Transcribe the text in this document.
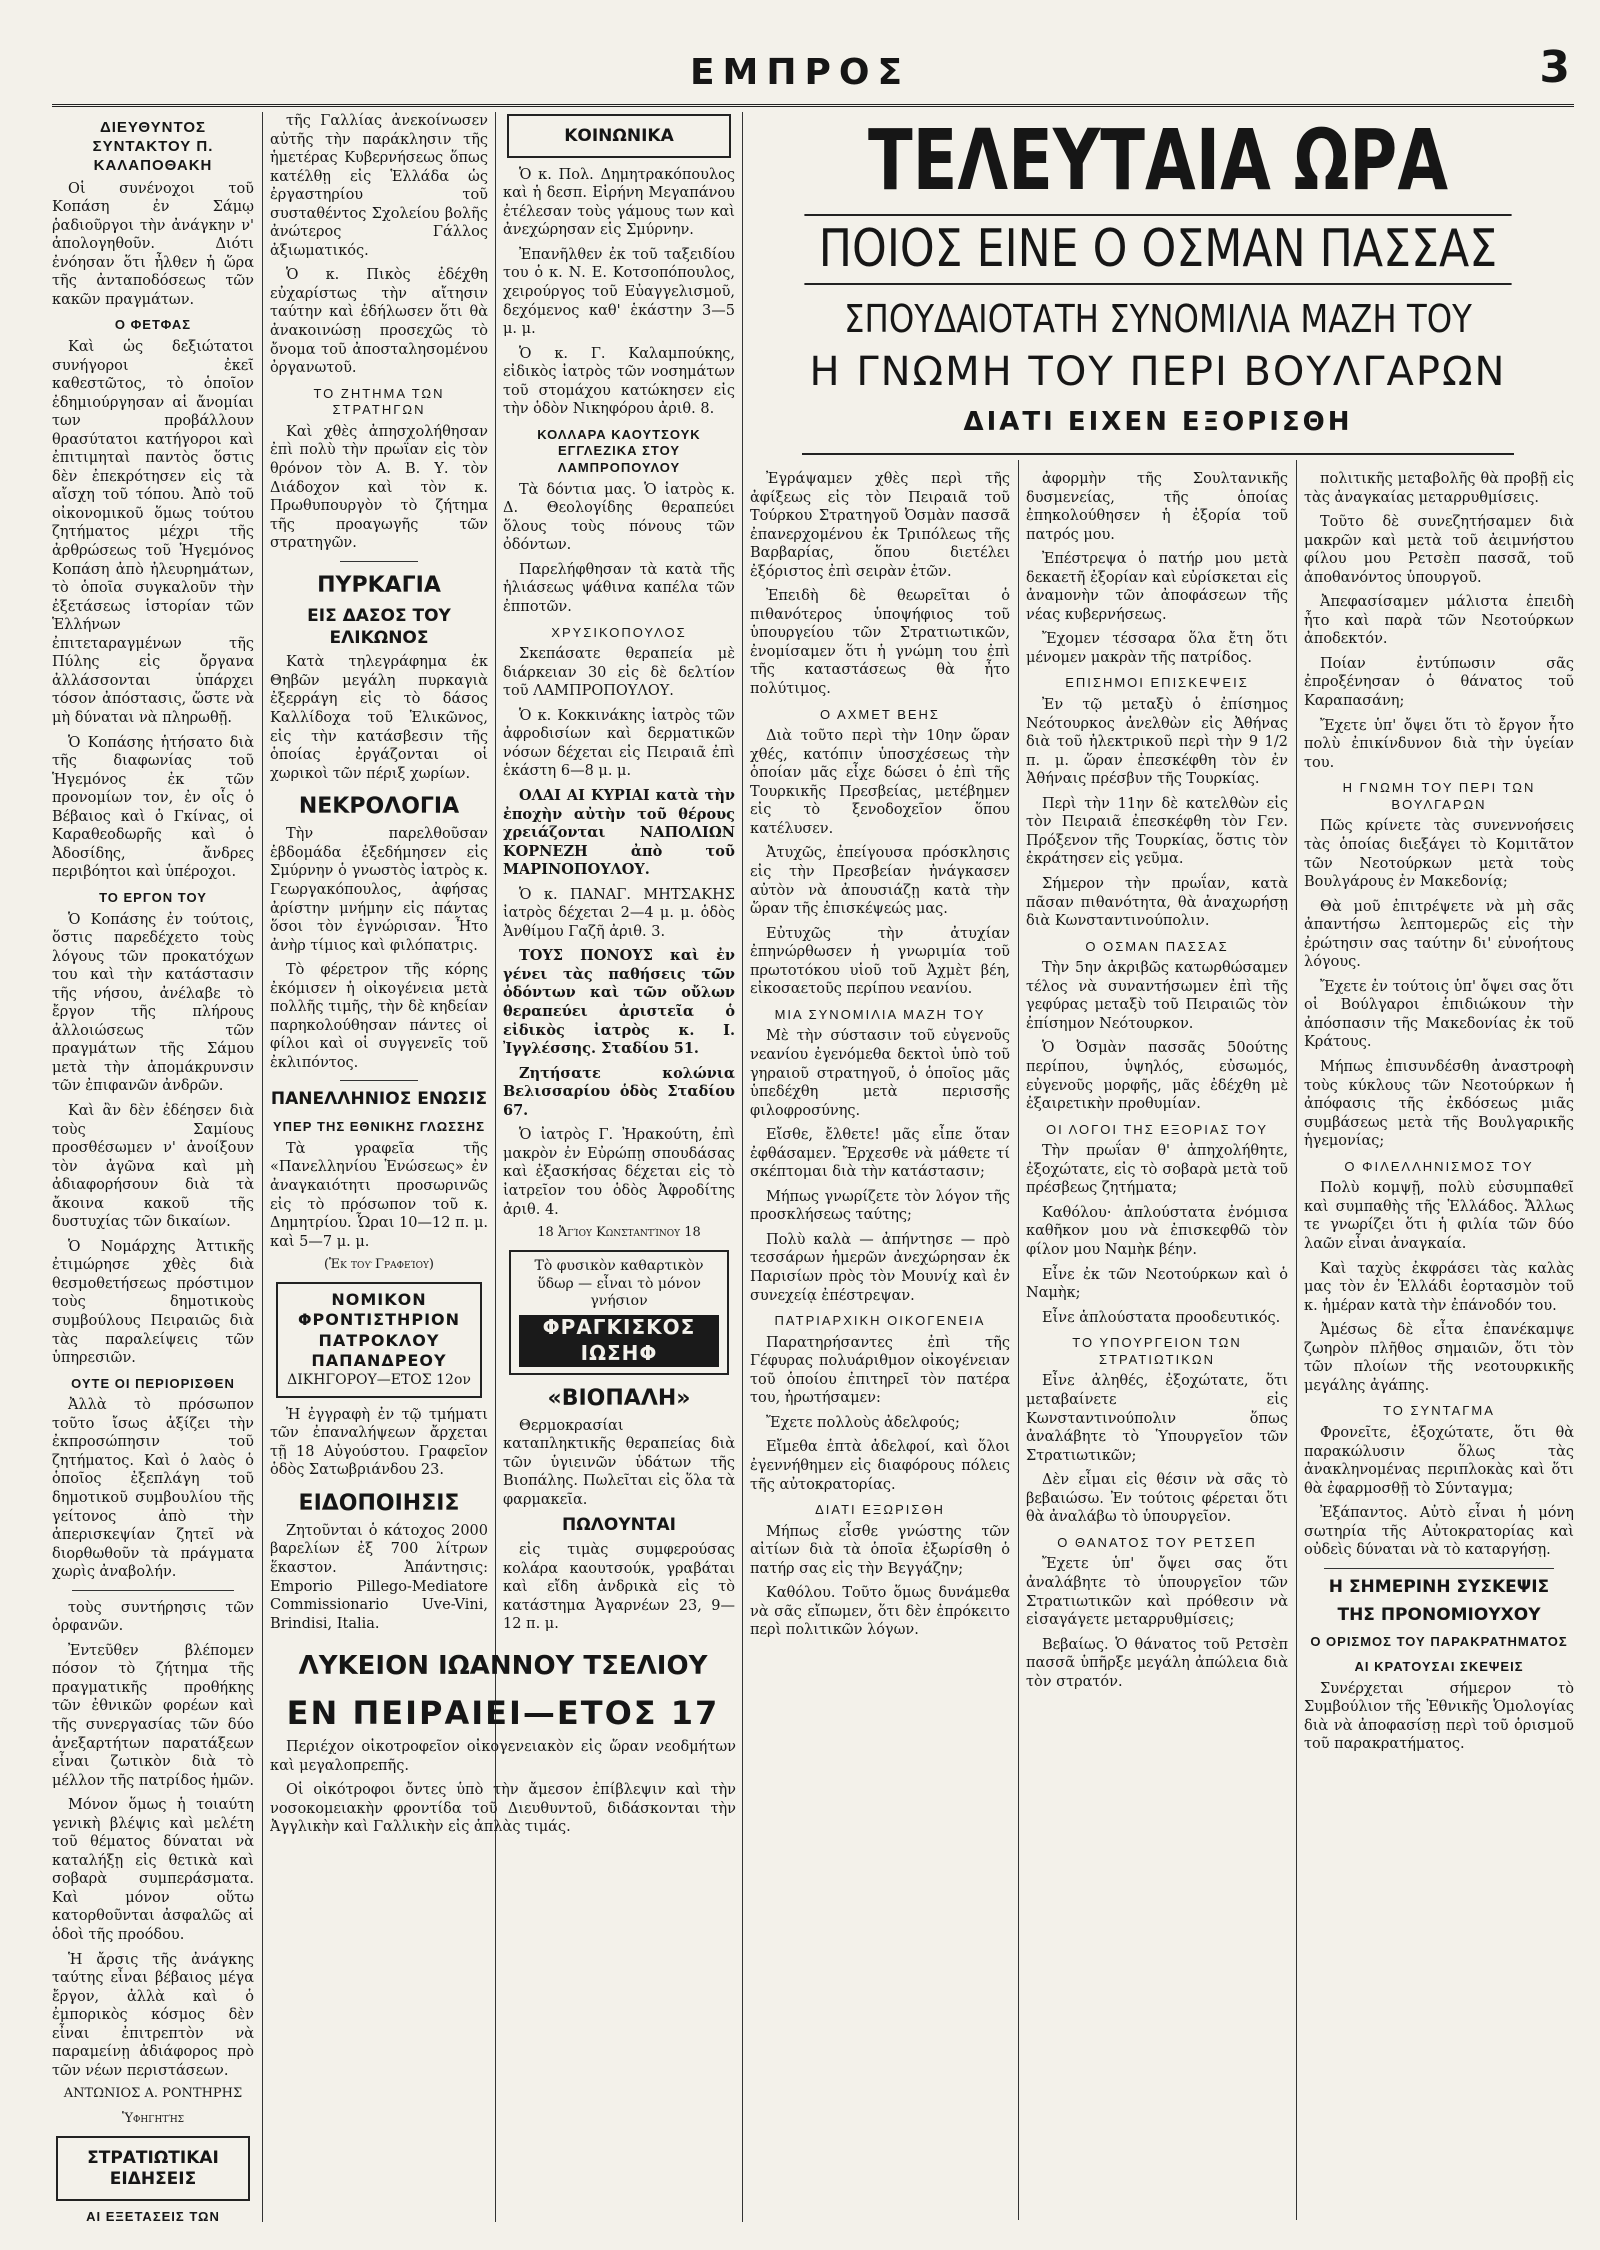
ΕΜΠΡΟΣ	3
ΔΙΕΥΘΥΝΤΟΣ ΣΥΝΤΑΚΤΟΥ Π. ΚΑΛΑΠΟΘΑΚΗ

Οἱ συνένοχοι τοῦ Κοπάση ἐν Σάμῳ ῥαδιοῦργοι τὴν ἀνάγκην ν' ἀπολογηθοῦν. Διότι ἐνόησαν ὅτι ἦλθεν ἡ ὥρα τῆς ἀνταποδόσεως τῶν κακῶν πραγμάτων.

Ο ΦΕΤΦΑΣ

Καὶ ὡς δεξιώτατοι συνήγοροι ἐκεῖ καθεστῶτος, τὸ ὁποῖον ἐδημιούργησαν αἱ ἄνομίαι των προβάλλουν θρασύτατοι κατήγοροι καὶ ἐπιτιμηταὶ παντὸς ὅστις δὲν ἐπεκρότησεν εἰς τὰ αἴσχη τοῦ τόπου. Ἀπὸ τοῦ οἰκονομικοῦ ὅμως τούτου ζητήματος μέχρι τῆς ἀρθρώσεως τοῦ Ἡγεμόνος Κοπάση ἀπὸ ἠλευρημάτων, τὸ ὁποῖα συγκαλοῦν τὴν ἐξετάσεως ἱστορίαν τῶν Ἑλλήνων ἐπιτεταραγμένων τῆς Πύλης εἰς ὄργανα ἀλλάσσονται ὑπάρχει τόσον ἀπόστασις, ὥστε νὰ μὴ δύναται νὰ πληρωθῇ.

Ὁ Κοπάσης ἡτήσατο διὰ τῆς διαφωνίας τοῦ Ἡγεμόνος ἐκ τῶν προνομίων τον, ἐν οἷς ὁ Βέβαιος καὶ ὁ Γκίνας, οἱ Καραθεοδωρῆς καὶ ὁ Ἀδοσίδης, ἄνδρες περιβόητοι καὶ ὑπέροχοι.

ΤΟ ΕΡΓΟΝ ΤΟΥ

Ὁ Κοπάσης ἐν τούτοις, ὅστις παρεδέχετο τοὺς λόγους τῶν προκατόχων του καὶ τὴν κατάστασιν τῆς νήσου, ἀνέλαβε τὸ ἔργον τῆς πλήρους ἀλλοιώσεως τῶν πραγμάτων τῆς Σάμου μετὰ τὴν ἀπομάκρυνσιν τῶν ἐπιφανῶν ἀνδρῶν.

Καὶ ἂν δὲν ἐδέησεν διὰ τοὺς Σαμίους προσθέσωμεν ν' ἀνοίξουν τὸν ἀγῶνα καὶ μὴ ἀδιαφορήσουν διὰ τὰ ἄκοινα κακοῦ τῆς δυστυχίας τῶν δικαίων.

Ὁ Νομάρχης Ἀττικῆς ἐτιμώρησε χθὲς διὰ θεσμοθετήσεως πρόστιμον τοὺς δημοτικοὺς συμβούλους Πειραιῶς διὰ τὰς παραλείψεις τῶν ὑπηρεσιῶν.

ΟΥΤΕ ΟΙ ΠΕΡΙΟΡΙΣΘΕΝ

Ἀλλὰ τὸ πρόσωπον τοῦτο ἴσως ἀξίζει τὴν ἐκπροσώπησιν τοῦ ζητήματος. Καὶ ὁ λαὸς ὁ ὁποῖος ἐξεπλάγη τοῦ δημοτικοῦ συμβουλίου τῆς γείτονος ἀπὸ τὴν ἀπερισκεψίαν ζητεῖ νὰ διορθωθοῦν τὰ πράγματα χωρὶς ἀναβολήν.

τοὺς συντήρησις τῶν ὀρφανῶν.

Ἐντεῦθεν βλέπομεν πόσον τὸ ζήτημα τῆς πραγματικῆς προθήκης τῶν ἐθνικῶν φορέων καὶ τῆς συνεργασίας τῶν δύο ἀνεξαρτήτων παρατάξεων εἶναι ζωτικὸν διὰ τὸ μέλλον τῆς πατρίδος ἡμῶν.

Μόνον ὅμως ἡ τοιαύτη γενικὴ βλέψις καὶ μελέτη τοῦ θέματος δύναται νὰ καταλήξῃ εἰς θετικὰ καὶ σοβαρὰ συμπεράσματα. Καὶ μόνον οὕτω κατορθοῦνται ἀσφαλῶς αἱ ὁδοὶ τῆς προόδου.

Ἡ ἄρσις τῆς ἀνάγκης ταύτης εἶναι βέβαιος μέγα ἔργον, ἀλλὰ καὶ ὁ ἐμπορικὸς κόσμος δὲν εἶναι ἐπιτρεπτὸν νὰ παραμείνῃ ἀδιάφορος πρὸ τῶν νέων περιστάσεων.

ΑΝΤΩΝΙΟΣ Α. ΡΟΝΤΗΡΗΣ
Ὑφηγητής
ΣΤΡΑΤΙΩΤΙΚΑΙ ΕΙΔΗΣΕΙΣ
ΑΙ ΕΞΕΤΑΣΕΙΣ ΤΩΝ

τῆς Γαλλίας ἀνεκοίνωσεν αὐτῆς τὴν παράκλησιν τῆς ἡμετέρας Κυβερνήσεως ὅπως κατέλθῃ εἰς Ἑλλάδα ὡς ἐργαστηρίου τοῦ συσταθέντος Σχολείου βολῆς ἀνώτερος Γάλλος ἀξιωματικός.

Ὁ κ. Πικὸς ἐδέχθη εὐχαρίστως τὴν αἴτησιν ταύτην καὶ ἐδήλωσεν ὅτι θὰ ἀνακοινώσῃ προσεχῶς τὸ ὄνομα τοῦ ἀποσταλησομένου ὀργανωτοῦ.

ΤΟ ΖΗΤΗΜΑ ΤΩΝ ΣΤΡΑΤΗΓΩΝ

Καὶ χθὲς ἀπησχολήθησαν ἐπὶ πολὺ τὴν πρωΐαν εἰς τὸν θρόνον τὸν Α. Β. Υ. τὸν Διάδοχον καὶ τὸν κ. Πρωθυπουργὸν τὸ ζήτημα τῆς προαγωγῆς τῶν στρατηγῶν.

ΠΥΡΚΑΓΙΑ
ΕΙΣ ΔΑΣΟΣ ΤΟΥ ΕΛΙΚΩΝΟΣ

Κατὰ τηλεγράφημα ἐκ Θηβῶν μεγάλη πυρκαγιὰ ἐξερράγη εἰς τὸ δάσος Καλλίδοχα τοῦ Ἑλικῶνος, εἰς τὴν κατάσβεσιν τῆς ὁποίας ἐργάζονται οἱ χωρικοὶ τῶν πέριξ χωρίων.

ΝΕΚΡΟΛΟΓΙΑ

Τὴν παρελθοῦσαν ἑβδομάδα ἐξεδήμησεν εἰς Σμύρνην ὁ γνωστὸς ἰατρὸς κ. Γεωργακόπουλος, ἀφήσας ἀρίστην μνήμην εἰς πάντας ὅσοι τὸν ἐγνώρισαν. Ἦτο ἀνὴρ τίμιος καὶ φιλόπατρις.

Τὸ φέρετρον τῆς κόρης ἐκόμισεν ἡ οἰκογένεια μετὰ πολλῆς τιμῆς, τὴν δὲ κηδείαν παρηκολούθησαν πάντες οἱ φίλοι καὶ οἱ συγγενεῖς τοῦ ἐκλιπόντος.

ΠΑΝΕΛΛΗΝΙΟΣ ΕΝΩΣΙΣ
ΥΠΕΡ ΤΗΣ ΕΘΝΙΚΗΣ ΓΛΩΣΣΗΣ

Τὰ γραφεῖα τῆς «Πανελληνίου Ἑνώσεως» ἐν ἀναγκαιότητι προσωρινῶς εἰς τὸ πρόσωπον τοῦ κ. Δημητρίου. Ὧραι 10—12 π. μ. καὶ 5—7 μ. μ.

(Ἐκ τοῦ Γραφείου)
ΝΟΜΙΚΟΝ ΦΡΟΝΤΙΣΤΗΡΙΟΝ
ΠΑΤΡΟΚΛΟΥ ΠΑΠΑΝΔΡΕΟΥ
ΔΙΚΗΓΟΡΟΥ—ΕΤΟΣ 12ον

Ἡ ἐγγραφὴ ἐν τῷ τμήματι τῶν ἐπαναλήψεων ἄρχεται τῇ 18 Αὐγούστου. Γραφεῖον ὁδὸς Σατωβριάνδου 23.

ΕΙΔΟΠΟΙΗΣΙΣ

Ζητοῦνται ὁ κάτοχος 2000 βαρελίων ἐξ 700 λίτρων ἕκαστον. Ἀπάντησις: Emporio Pillego-Mediatore Commissionario Uve-Vini, Brindisi, Italia.

ΚΟΙΝΩΝΙΚΑ

Ὁ κ. Πολ. Δημητρακόπουλος καὶ ἡ δεσπ. Εἰρήνη Μεγαπάνου ἐτέλεσαν τοὺς γάμους των καὶ ἀνεχώρησαν εἰς Σμύρνην.

Ἐπανῆλθεν ἐκ τοῦ ταξειδίου του ὁ κ. Ν. Ε. Κοτσοπόπουλος, χειρούργος τοῦ Εὐαγγελισμοῦ, δεχόμενος καθ' ἑκάστην 3—5 μ. μ.

Ὁ κ. Γ. Καλαμπούκης, εἰδικὸς ἰατρὸς τῶν νοσημάτων τοῦ στομάχου κατώκησεν εἰς τὴν ὁδὸν Νικηφόρου ἀριθ. 8.

ΚΟΛΛΑΡΑ ΚΑΟΥΤΣΟΥΚ ΕΓΓΛΕΖΙΚΑ ΣΤΟΥ ΛΑΜΠΡΟΠΟΥΛΟΥ

Τὰ δόντια μας. Ὁ ἰατρὸς κ. Δ. Θεολογίδης θεραπεύει ὅλους τοὺς πόνους τῶν ὀδόντων.

Παρελήφθησαν τὰ κατὰ τῆς ἡλιάσεως ψάθινα καπέλα τῶν ἐπποτῶν.

ΧΡΥΣΙΚΟΠΟΥΛΟΣ

Σκεπάσατε θεραπεία μὲ διάρκειαν 30 εἰς δὲ δελτίον τοῦ ΛΑΜΠΡΟΠΟΥΛΟΥ.

Ὁ κ. Κοκκινάκης ἰατρὸς τῶν ἀφροδισίων καὶ δερματικῶν νόσων δέχεται εἰς Πειραιᾶ ἐπὶ ἑκάστη 6—8 μ. μ.

ΟΛΑΙ ΑΙ ΚΥΡΙΑΙ κατὰ τὴν ἐποχὴν αὐτὴν τοῦ θέρους χρειάζονται ΝΑΠΟΛΙΩΝ ΚΟΡΝΕΖΗ ἀπὸ τοῦ ΜΑΡΙΝΟΠΟΥΛΟΥ.

Ὁ κ. ΠΑΝΑΓ. ΜΗΤΣΑΚΗΣ ἰατρὸς δέχεται 2—4 μ. μ. ὁδὸς Ἀνθίμου Γαζῆ ἀριθ. 3.

ΤΟΥΣ ΠΟΝΟΥΣ καὶ ἐν γένει τὰς παθήσεις τῶν ὀδόντων καὶ τῶν οὔλων θεραπεύει ἀριστεῖα ὁ εἰδικὸς ἰατρὸς κ. Ι. Ἰγγλέσσης. Σταδίου 51.

Ζητήσατε κολώνια Βελισσαρίου ὁδὸς Σταδίου 67.

Ὁ ἰατρὸς Γ. Ἠρακούτη, ἐπὶ μακρὸν ἐν Εὐρώπῃ σπουδάσας καὶ ἐξασκήσας δέχεται εἰς τὸ ἰατρεῖον του ὁδὸς Ἀφροδίτης ἀριθ. 4.

18 Ἁγίου Κωνσταντίνου 18
Τὸ φυσικὸν καθαρτικὸν ὕδωρ — εἶναι τὸ μόνον γνήσιον
ΦΡΑΓΚΙΣΚΟΣ ΙΩΣΗΦ
«ΒΙΟΠΑΛΗ»

Θερμοκρασίαι καταπληκτικῆς θεραπείας διὰ τῶν ὑγιεινῶν ὑδάτων τῆς Βιοπάλης. Πωλεῖται εἰς ὅλα τὰ φαρμακεῖα.

ΠΩΛΟΥΝΤΑΙ

εἰς τιμὰς συμφερούσας κολάρα καουτσούκ, γραβάται καὶ εἴδη ἀνδρικὰ εἰς τὸ κατάστημα Ἀγαρνέων 23, 9—12 π. μ.

ΛΥΚΕΙΟΝ ΙΩΑΝΝΟΥ ΤΣΕΛΙΟΥ
ΕΝ ΠΕΙΡΑΙΕΙ—ΕΤΟΣ 17

Περιέχον οἰκοτροφεῖον οἰκογενειακὸν εἰς ὥραν νεοδμήτων καὶ μεγαλοπρεπῆς.

Οἱ οἰκότροφοι ὄντες ὑπὸ τὴν ἄμεσον ἐπίβλεψιν καὶ τὴν νοσοκομειακὴν φροντίδα τοῦ Διευθυντοῦ, διδάσκονται τὴν Ἀγγλικὴν καὶ Γαλλικὴν εἰς ἁπλὰς τιμάς.

ΤΕΛΕΥΤΑΙΑ ΩΡΑ
ΠΟΙΟΣ ΕΙΝΕ Ο ΟΣΜΑΝ ΠΑΣΣΑΣ
ΣΠΟΥΔΑΙΟΤΑΤΗ ΣΥΝΟΜΙΛΙΑ ΜΑΖΗ ΤΟΥ
Η ΓΝΩΜΗ ΤΟΥ ΠΕΡΙ ΒΟΥΛΓΑΡΩΝ
ΔΙΑΤΙ ΕΙΧΕΝ ΕΞΟΡΙΣΘΗ

Ἐγράψαμεν χθὲς περὶ τῆς ἀφίξεως εἰς τὸν Πειραιᾶ τοῦ Τούρκου Στρατηγοῦ Ὀσμὰν πασσᾶ ἐπανερχομένου ἐκ Τριπόλεως τῆς Βαρβαρίας, ὅπου διετέλει ἐξόριστος ἐπὶ σειρὰν ἐτῶν.

Ἐπειδὴ δὲ θεωρεῖται ὁ πιθανότερος ὑποψήφιος τοῦ ὑπουργείου τῶν Στρατιωτικῶν, ἐνομίσαμεν ὅτι ἡ γνώμη του ἐπὶ τῆς καταστάσεως θὰ ἦτο πολύτιμος.

Ο ΑΧΜΕΤ ΒΕΗΣ

Διὰ τοῦτο περὶ τὴν 10ην ὥραν χθές, κατόπιν ὑποσχέσεως τὴν ὁποίαν μᾶς εἶχε δώσει ὁ ἐπὶ τῆς Τουρκικῆς Πρεσβείας, μετέβημεν εἰς τὸ ξενοδοχεῖον ὅπου κατέλυσεν.

Ἀτυχῶς, ἐπείγουσα πρόσκλησις εἰς τὴν Πρεσβείαν ἠνάγκασεν αὐτὸν νὰ ἀπουσιάζῃ κατὰ τὴν ὥραν τῆς ἐπισκέψεώς μας.

Εὐτυχῶς τὴν ἀτυχίαν ἐπηνώρθωσεν ἡ γνωριμία τοῦ πρωτοτόκου υἱοῦ τοῦ Ἀχμὲτ βέη, εἰκοσαετοῦς περίπου νεανίου.

ΜΙΑ ΣΥΝΟΜΙΛΙΑ ΜΑΖΗ ΤΟΥ

Μὲ τὴν σύστασιν τοῦ εὐγενοῦς νεανίου ἐγενόμεθα δεκτοὶ ὑπὸ τοῦ γηραιοῦ στρατηγοῦ, ὁ ὁποῖος μᾶς ὑπεδέχθη μετὰ περισσῆς φιλοφροσύνης.

Εἴσθε, ἔλθετε! μᾶς εἶπε ὅταν ἐφθάσαμεν. Ἔρχεσθε νὰ μάθετε τί σκέπτομαι διὰ τὴν κατάστασιν;

Μήπως γνωρίζετε τὸν λόγον τῆς προσκλήσεως ταύτης;

Πολὺ καλὰ — ἀπήντησε — πρὸ τεσσάρων ἡμερῶν ἀνεχώρησαν ἐκ Παρισίων πρὸς τὸν Μουνίχ καὶ ἐν συνεχείᾳ ἐπέστρεψαν.

ΠΑΤΡΙΑΡΧΙΚΗ ΟΙΚΟΓΕΝΕΙΑ

Παρατηρήσαντες ἐπὶ τῆς Γέφυρας πολυάριθμον οἰκογένειαν τοῦ ὁποίου ἐπιτηρεῖ τὸν πατέρα του, ἠρωτήσαμεν:

Ἔχετε πολλοὺς ἀδελφούς;

Εἴμεθα ἑπτὰ ἀδελφοί, καὶ ὅλοι ἐγεννήθημεν εἰς διαφόρους πόλεις τῆς αὐτοκρατορίας.

ΔΙΑΤΙ ΕΞΩΡΙΣΘΗ

Μήπως εἶσθε γνώστης τῶν αἰτίων διὰ τὰ ὁποῖα ἐξωρίσθη ὁ πατήρ σας εἰς τὴν Βεγγάζην;

Καθόλου. Τοῦτο ὅμως δυνάμεθα νὰ σᾶς εἴπωμεν, ὅτι δὲν ἐπρόκειτο περὶ πολιτικῶν λόγων.

ἀφορμὴν τῆς Σουλτανικῆς δυσμενείας, τῆς ὁποίας ἐπηκολούθησεν ἡ ἐξορία τοῦ πατρός μου.

Ἐπέστρεψα ὁ πατήρ μου μετὰ δεκαετῆ ἐξορίαν καὶ εὐρίσκεται εἰς ἀναμονὴν τῶν ἀποφάσεων τῆς νέας κυβερνήσεως.

Ἔχομεν τέσσαρα ὅλα ἔτη ὅτι μένομεν μακρὰν τῆς πατρίδος.

ΕΠΙΣΗΜΟΙ ΕΠΙΣΚΕΨΕΙΣ

Ἐν τῷ μεταξὺ ὁ ἐπίσημος Νεότουρκος ἀνελθὼν εἰς Ἀθήνας διὰ τοῦ ἠλεκτρικοῦ περὶ τὴν 9 1/2 π. μ. ὥραν ἐπεσκέφθη τὸν ἐν Ἀθήναις πρέσβυν τῆς Τουρκίας.

Περὶ τὴν 11ην δὲ κατελθὼν εἰς τὸν Πειραιᾶ ἐπεσκέφθη τὸν Γεν. Πρόξενον τῆς Τουρκίας, ὅστις τὸν ἐκράτησεν εἰς γεῦμα.

Σήμερον τὴν πρωΐαν, κατὰ πᾶσαν πιθανότητα, θὰ ἀναχωρήσῃ διὰ Κωνσταντινούπολιν.

Ο ΟΣΜΑΝ ΠΑΣΣΑΣ

Τὴν 5ην ἀκριβῶς κατωρθώσαμεν τέλος νὰ συναντήσωμεν ἐπὶ τῆς γεφύρας μεταξὺ τοῦ Πειραιῶς τὸν ἐπίσημον Νεότουρκον.

Ὁ Ὀσμὰν πασσᾶς 50ούτης περίπου, ὑψηλός, εὐσωμός, εὐγενοῦς μορφῆς, μᾶς ἐδέχθη μὲ ἐξαιρετικὴν προθυμίαν.

ΟΙ ΛΟΓΟΙ ΤΗΣ ΕΞΟΡΙΑΣ ΤΟΥ

Τὴν πρωΐαν θ' ἀπηχολήθητε, ἐξοχώτατε, εἰς τὸ σοβαρὰ μετὰ τοῦ πρέσβεως ζητήματα;

Καθόλου· ἁπλούστατα ἐνόμισα καθῆκον μου νὰ ἐπισκεφθῶ τὸν φίλον μου Ναμὴκ βέην.

Εἶνε ἐκ τῶν Νεοτούρκων καὶ ὁ Ναμὴκ;

Εἶνε ἁπλούστατα προοδευτικός.

ΤΟ ΥΠΟΥΡΓΕΙΟΝ ΤΩΝ ΣΤΡΑΤΙΩΤΙΚΩΝ

Εἶνε ἀληθές, ἐξοχώτατε, ὅτι μεταβαίνετε εἰς Κωνσταντινούπολιν ὅπως ἀναλάβητε τὸ Ὑπουργεῖον τῶν Στρατιωτικῶν;

Δὲν εἶμαι εἰς θέσιν νὰ σᾶς τὸ βεβαιώσω. Ἐν τούτοις φέρεται ὅτι θὰ ἀναλάβω τὸ ὑπουργεῖον.

Ο ΘΑΝΑΤΟΣ ΤΟΥ ΡΕΤΣΕΠ

Ἔχετε ὑπ' ὄψει σας ὅτι ἀναλάβητε τὸ ὑπουργεῖον τῶν Στρατιωτικῶν καὶ πρόθεσιν νὰ εἰσαγάγετε μεταρρυθμίσεις;

Βεβαίως. Ὁ θάνατος τοῦ Ρετσὲπ πασσᾶ ὑπῆρξε μεγάλη ἀπώλεια διὰ τὸν στρατόν.

πολιτικῆς μεταβολῆς θὰ προβῇ εἰς τὰς ἀναγκαίας μεταρρυθμίσεις.

Τοῦτο δὲ συνεζητήσαμεν διὰ μακρῶν καὶ μετὰ τοῦ ἀειμνήστου φίλου μου Ρετσὲπ πασσᾶ, τοῦ ἀποθανόντος ὑπουργοῦ.

Ἀπεφασίσαμεν μάλιστα ἐπειδὴ ἦτο καὶ παρὰ τῶν Νεοτούρκων ἀποδεκτόν.

Ποίαν ἐντύπωσιν σᾶς ἐπροξένησαν ὁ θάνατος τοῦ Καραπασάνη;

Ἔχετε ὑπ' ὄψει ὅτι τὸ ἔργον ἦτο πολὺ ἐπικίνδυνον διὰ τὴν ὑγείαν του.

Η ΓΝΩΜΗ ΤΟΥ ΠΕΡΙ ΤΩΝ ΒΟΥΛΓΑΡΩΝ

Πῶς κρίνετε τὰς συνεννοήσεις τὰς ὁποίας διεξάγει τὸ Κομιτᾶτον τῶν Νεοτούρκων μετὰ τοὺς Βουλγάρους ἐν Μακεδονίᾳ;

Θὰ μοῦ ἐπιτρέψετε νὰ μὴ σᾶς ἀπαντήσω λεπτομερῶς εἰς τὴν ἐρώτησιν σας ταύτην δι' εὐνοήτους λόγους.

Ἔχετε ἐν τούτοις ὑπ' ὄψει σας ὅτι οἱ Βούλγαροι ἐπιδιώκουν τὴν ἀπόσπασιν τῆς Μακεδονίας ἐκ τοῦ Κράτους.

Μήπως ἐπισυνδέσθη ἀναστροφὴ τοὺς κύκλους τῶν Νεοτούρκων ἡ ἀπόφασις τῆς ἐκδόσεως μιᾶς συμβάσεως μετὰ τῆς Βουλγαρικῆς ἡγεμονίας;

Ο ΦΙΛΕΛΛΗΝΙΣΜΟΣ ΤΟΥ

Πολὺ κομψῇ, πολὺ εὐσυμπαθεῖ καὶ συμπαθὴς τῆς Ἑλλάδος. Ἄλλως τε γνωρίζει ὅτι ἡ φιλία τῶν δύο λαῶν εἶναι ἀναγκαία.

Καὶ ταχὺς ἐκφράσει τὰς καλὰς μας τὸν ἐν Ἑλλάδι ἑορτασμὸν τοῦ κ. ἡμέραν κατὰ τὴν ἐπάνοδόν του.

Ἀμέσως δὲ εἶτα ἐπανέκαμψε ζωηρὸν πλῆθος σημαιῶν, ὅτι τὸν τῶν πλοίων τῆς νεοτουρκικῆς μεγάλης ἀγάπης.

ΤΟ ΣΥΝΤΑΓΜΑ

Φρονεῖτε, ἐξοχώτατε, ὅτι θὰ παρακώλυσιν ὅλως τὰς ἀνακληνομένας περιπλοκὰς καὶ ὅτι θὰ ἐφαρμοσθῇ τὸ Σύνταγμα;

Ἐξάπαντος. Αὐτὸ εἶναι ἡ μόνη σωτηρία τῆς Αὐτοκρατορίας καὶ οὐδεὶς δύναται νὰ τὸ καταργήσῃ.

Η ΣΗΜΕΡΙΝΗ ΣΥΣΚΕΨΙΣ
ΤΗΣ ΠΡΟΝΟΜΙΟΥΧΟΥ
Ο ΟΡΙΣΜΟΣ ΤΟΥ ΠΑΡΑΚΡΑΤΗΜΑΤΟΣ
ΑΙ ΚΡΑΤΟΥΣΑΙ ΣΚΕΨΕΙΣ

Συνέρχεται σήμερον τὸ Συμβούλιον τῆς Ἐθνικῆς Ὁμολογίας διὰ νὰ ἀποφασίσῃ περὶ τοῦ ὁρισμοῦ τοῦ παρακρατήματος.
